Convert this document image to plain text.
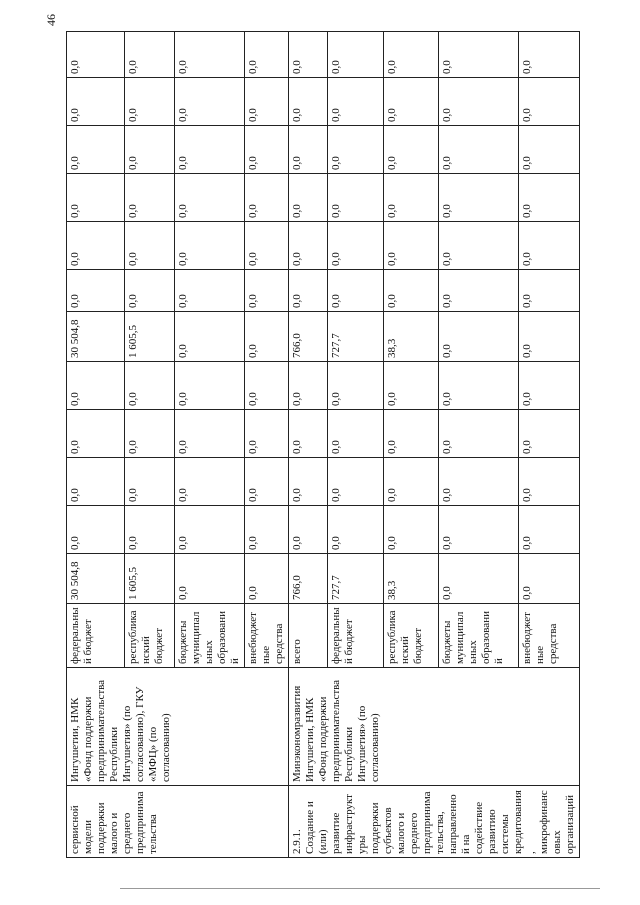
46
сервисной модели поддержки малого и среднего предпринимательства	Ингушетии, НМК «Фонд поддержки предпринимательства Республики Ингушетия» (по согласованию), ГКУ «МФЦ» (по согласованию)	федеральный бюджет	30 504,8	0,0	0,0	0,0	0,0	30 504,8	0,0	0,0	0,0	0,0	0,0	0,0
		республиканский бюджет	1 605,5	0,0	0,0	0,0	0,0	1 605,5	0,0	0,0	0,0	0,0	0,0	0,0
		бюджеты муниципальных образований	0,0	0,0	0,0	0,0	0,0	0,0	0,0	0,0	0,0	0,0	0,0	0,0
		внебюджетные средства	0,0	0,0	0,0	0,0	0,0	0,0	0,0	0,0	0,0	0,0	0,0	0,0
2.9.1. Создание и (или) развитие инфраструктуры поддержки субъектов малого и среднего предпринимательства, направленной на содействие развитию системы кредитования, микрофинансовых организаций	Минэкономразвития Ингушетии, НМК «Фонд поддержки предпринимательства Республики Ингушетия» (по согласованию)	всего	766,0	0,0	0,0	0,0	0,0	766,0	0,0	0,0	0,0	0,0	0,0	0,0
		федеральный бюджет	727,7	0,0	0,0	0,0	0,0	727,7	0,0	0,0	0,0	0,0	0,0	0,0
		республиканский бюджет	38,3	0,0	0,0	0,0	0,0	38,3	0,0	0,0	0,0	0,0	0,0	0,0
		бюджеты муниципальных образований	0,0	0,0	0,0	0,0	0,0	0,0	0,0	0,0	0,0	0,0	0,0	0,0
		внебюджетные средства	0,0	0,0	0,0	0,0	0,0	0,0	0,0	0,0	0,0	0,0	0,0	0,0
